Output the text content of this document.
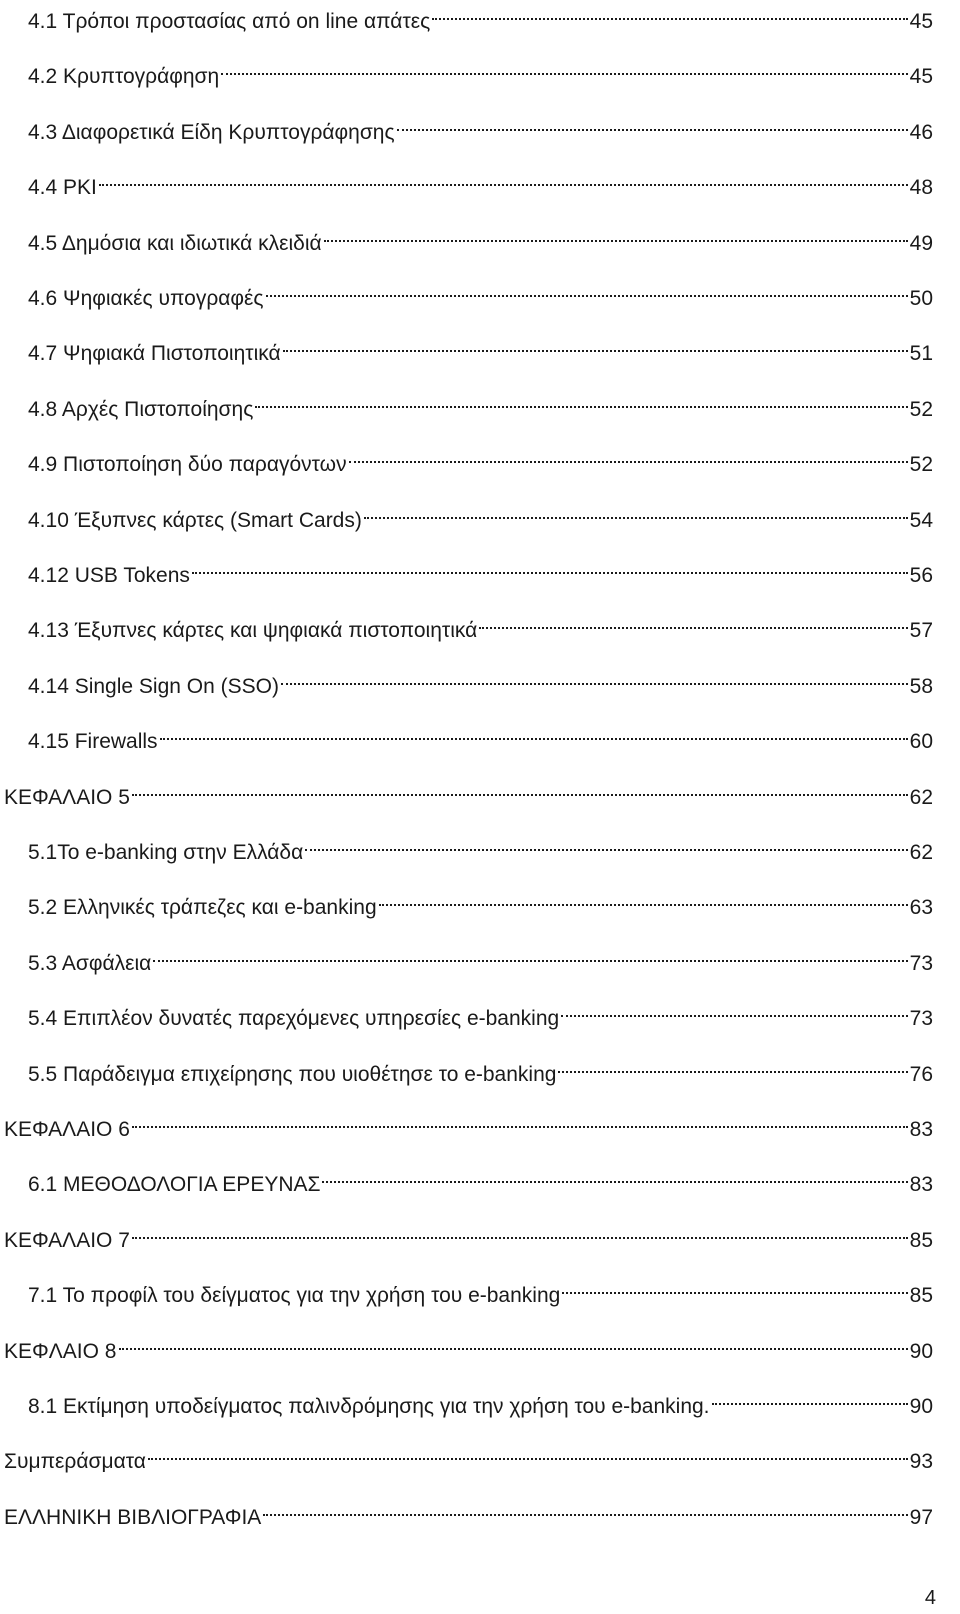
4.1 Τρόποι προστασίας από on line απάτες	45
4.2 Κρυπτογράφηση	45
4.3 Διαφορετικά Είδη Κρυπτογράφησης	46
4.4 PKI	48
4.5 Δημόσια και ιδιωτικά κλειδιά	49
4.6 Ψηφιακές υπογραφές	50
4.7 Ψηφιακά Πιστοποιητικά	51
4.8 Αρχές Πιστοποίησης	52
4.9 Πιστοποίηση δύο παραγόντων	52
4.10 Έξυπνες κάρτες (Smart Cards)	54
4.12 USB Tokens	56
4.13 Έξυπνες κάρτες και ψηφιακά πιστοποιητικά	57
4.14 Single Sign On (SSO)	58
4.15 Firewalls	60
ΚΕΦΑΛΑΙΟ 5	62
5.1Το e-banking στην Ελλάδα	62
5.2 Ελληνικές τράπεζες και e-banking	63
5.3 Ασφάλεια	73
5.4 Επιπλέον δυνατές παρεχόμενες υπηρεσίες e-banking	73
5.5 Παράδειγμα επιχείρησης που υιοθέτησε το e-banking	76
ΚΕΦΑΛΑΙΟ 6	83
6.1 ΜΕΘΟΔΟΛΟΓΙΑ ΕΡΕΥΝΑΣ	83
ΚΕΦΑΛΑΙΟ 7	85
7.1 Το προφίλ του δείγματος για την χρήση του e-banking	85
ΚΕΦΛΑΙΟ 8	90
8.1 Εκτίμηση υποδείγματος παλινδρόμησης για την χρήση του e-banking.	90
Συμπεράσματα	93
ΕΛΛΗΝΙΚΗ ΒΙΒΛΙΟΓΡΑΦΙΑ	97
4
